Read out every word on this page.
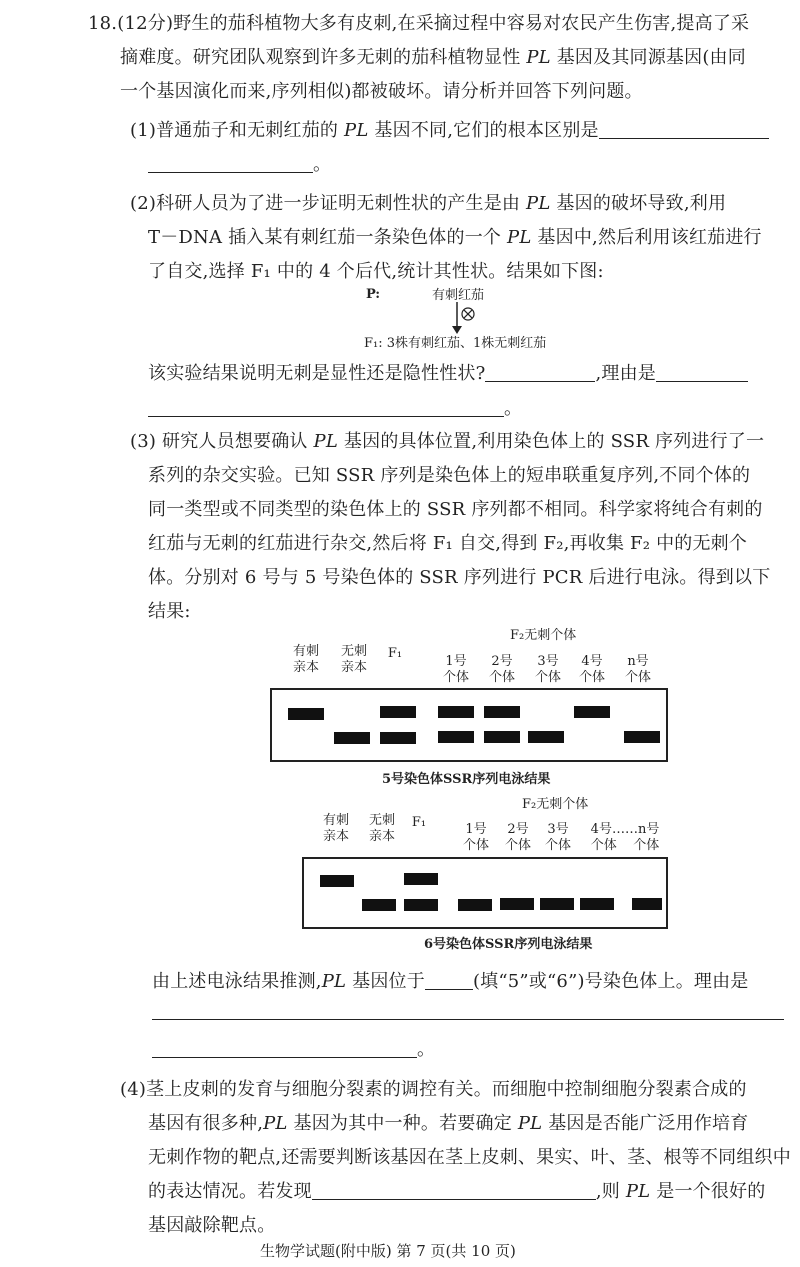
18.(12分)野生的茄科植物大多有皮刺,在采摘过程中容易对农民产生伤害,提高了采
摘难度。研究团队观察到许多无刺的茄科植物显性 PL 基因及其同源基因(由同
一个基因演化而来,序列相似)都被破坏。请分析并回答下列问题。
(1)普通茄子和无刺红茄的 PL 基因不同,它们的根本区别是
。
(2)科研人员为了进一步证明无刺性状的产生是由 PL 基因的破坏导致,利用
T－DNA 插入某有刺红茄一条染色体的一个 PL 基因中,然后利用该红茄进行
了自交,选择 F₁ 中的 4 个后代,统计其性状。结果如下图:
P:	有刺红茄
F₁: 3株有刺红茄、1株无刺红茄
该实验结果说明无刺是显性还是隐性性状?	,理由是
。
(3) 研究人员想要确认 PL 基因的具体位置,利用染色体上的 SSR 序列进行了一
系列的杂交实验。已知 SSR 序列是染色体上的短串联重复序列,不同个体的
同一类型或不同类型的染色体上的 SSR 序列都不相同。科学家将纯合有刺的
红茄与无刺的红茄进行杂交,然后将 F₁ 自交,得到 F₂,再收集 F₂ 中的无刺个
体。分别对 6 号与 5 号染色体的 SSR 序列进行 PCR 后进行电泳。得到以下
结果:
F₂无刺个体
有刺
亲本
无刺
亲本
F₁
1号
个体
2号
个体
3号
个体
4号
个体
n号
个体
5号染色体SSR序列电泳结果
F₂无刺个体
有刺
亲本
无刺
亲本
F₁	1号
个体
2号
个体
3号
个体
4号……n号
个体    个体
6号染色体SSR序列电泳结果
由上述电泳结果推测,PL 基因位于	(填“5”或“6”)号染色体上。理由是
。
(4)茎上皮刺的发育与细胞分裂素的调控有关。而细胞中控制细胞分裂素合成的
基因有很多种,PL 基因为其中一种。若要确定 PL 基因是否能广泛用作培育
无刺作物的靶点,还需要判断该基因在茎上皮刺、果实、叶、茎、根等不同组织中
的表达情况。若发现	,则 PL 是一个很好的
基因敲除靶点。
生物学试题(附中版) 第 7 页(共 10 页)
